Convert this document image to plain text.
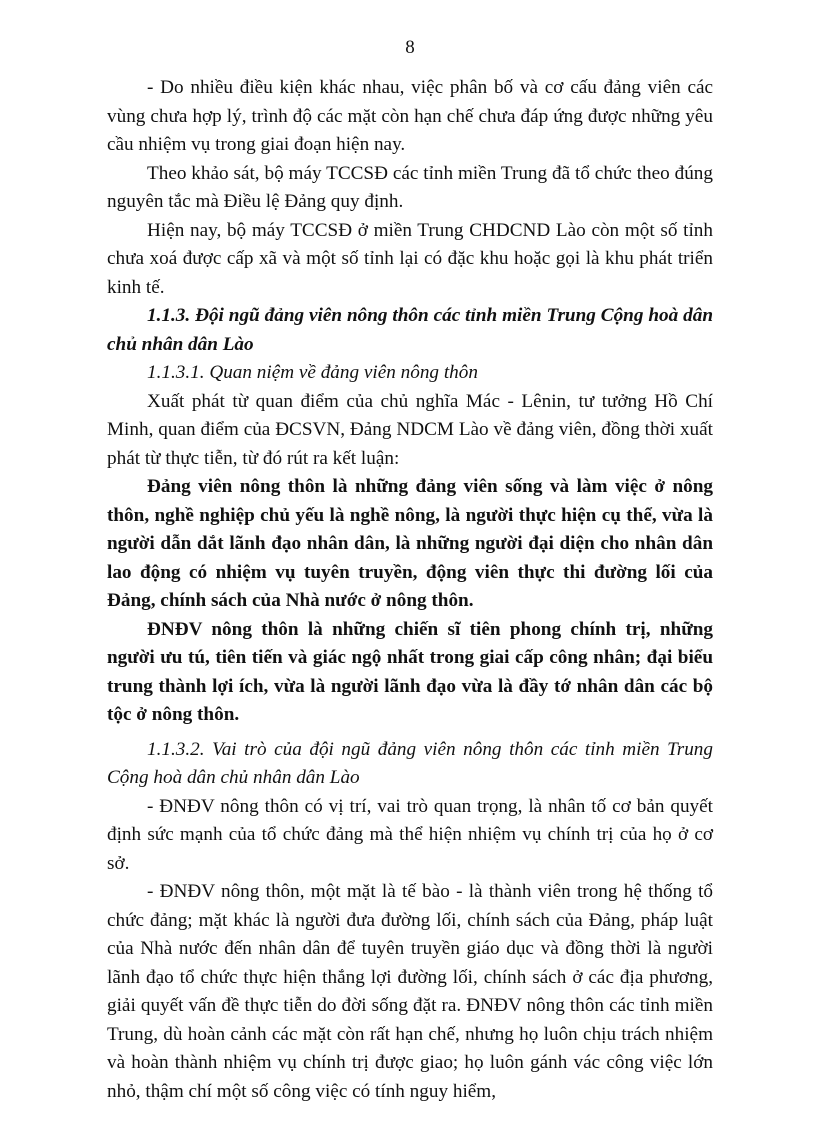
8

- Do nhiều điều kiện khác nhau, việc phân bố và cơ cấu đảng viên các vùng chưa hợp lý, trình độ các mặt còn hạn chế chưa đáp ứng được những yêu cầu nhiệm vụ trong giai đoạn hiện nay.

Theo khảo sát, bộ máy TCCSĐ các tỉnh miền Trung đã tổ chức theo đúng nguyên tắc mà Điều lệ Đảng quy định.

Hiện nay, bộ máy TCCSĐ ở miền Trung CHDCND Lào còn một số tỉnh chưa xoá được cấp xã và một số tỉnh lại có đặc khu hoặc gọi là khu phát triển kinh tế.

1.1.3. Đội ngũ đảng viên nông thôn các tỉnh miền Trung Cộng hoà dân chủ nhân dân Lào

1.1.3.1. Quan niệm về đảng viên nông thôn

Xuất phát từ quan điểm của chủ nghĩa Mác - Lênin, tư tưởng Hồ Chí Minh, quan điểm của ĐCSVN, Đảng NDCM Lào về đảng viên, đồng thời xuất phát từ thực tiễn, từ đó rút ra kết luận:

Đảng viên nông thôn là những đảng viên sống và làm việc ở nông thôn, nghề nghiệp chủ yếu là nghề nông, là người thực hiện cụ thể, vừa là người dẫn dắt lãnh đạo nhân dân, là những người đại diện cho nhân dân lao động có nhiệm vụ tuyên truyền, động viên thực thi đường lối của Đảng, chính sách của Nhà nước ở nông thôn.

ĐNĐV nông thôn là những chiến sĩ tiên phong chính trị, những người ưu tú, tiên tiến và giác ngộ nhất trong giai cấp công nhân; đại biểu trung thành lợi ích, vừa là người lãnh đạo vừa là đầy tớ nhân dân các bộ tộc ở nông thôn.

1.1.3.2. Vai trò của đội ngũ đảng viên nông thôn các tỉnh miền Trung Cộng hoà dân chủ nhân dân Lào

- ĐNĐV nông thôn có vị trí, vai trò quan trọng, là nhân tố cơ bản quyết định sức mạnh của tổ chức đảng mà thể hiện nhiệm vụ chính trị của họ ở cơ sở.

- ĐNĐV nông thôn, một mặt là tế bào - là thành viên trong hệ thống tổ chức đảng; mặt khác là người đưa đường lối, chính sách của Đảng, pháp luật của Nhà nước đến nhân dân để tuyên truyền giáo dục và đồng thời là người lãnh đạo tổ chức thực hiện thắng lợi đường lối, chính sách ở các địa phương, giải quyết vấn đề thực tiễn do đời sống đặt ra. ĐNĐV nông thôn các tỉnh miền Trung, dù hoàn cảnh các mặt còn rất hạn chế, nhưng họ luôn chịu trách nhiệm và hoàn thành nhiệm vụ chính trị được giao; họ luôn gánh vác công việc lớn nhỏ, thậm chí một số công việc có tính nguy hiểm,
